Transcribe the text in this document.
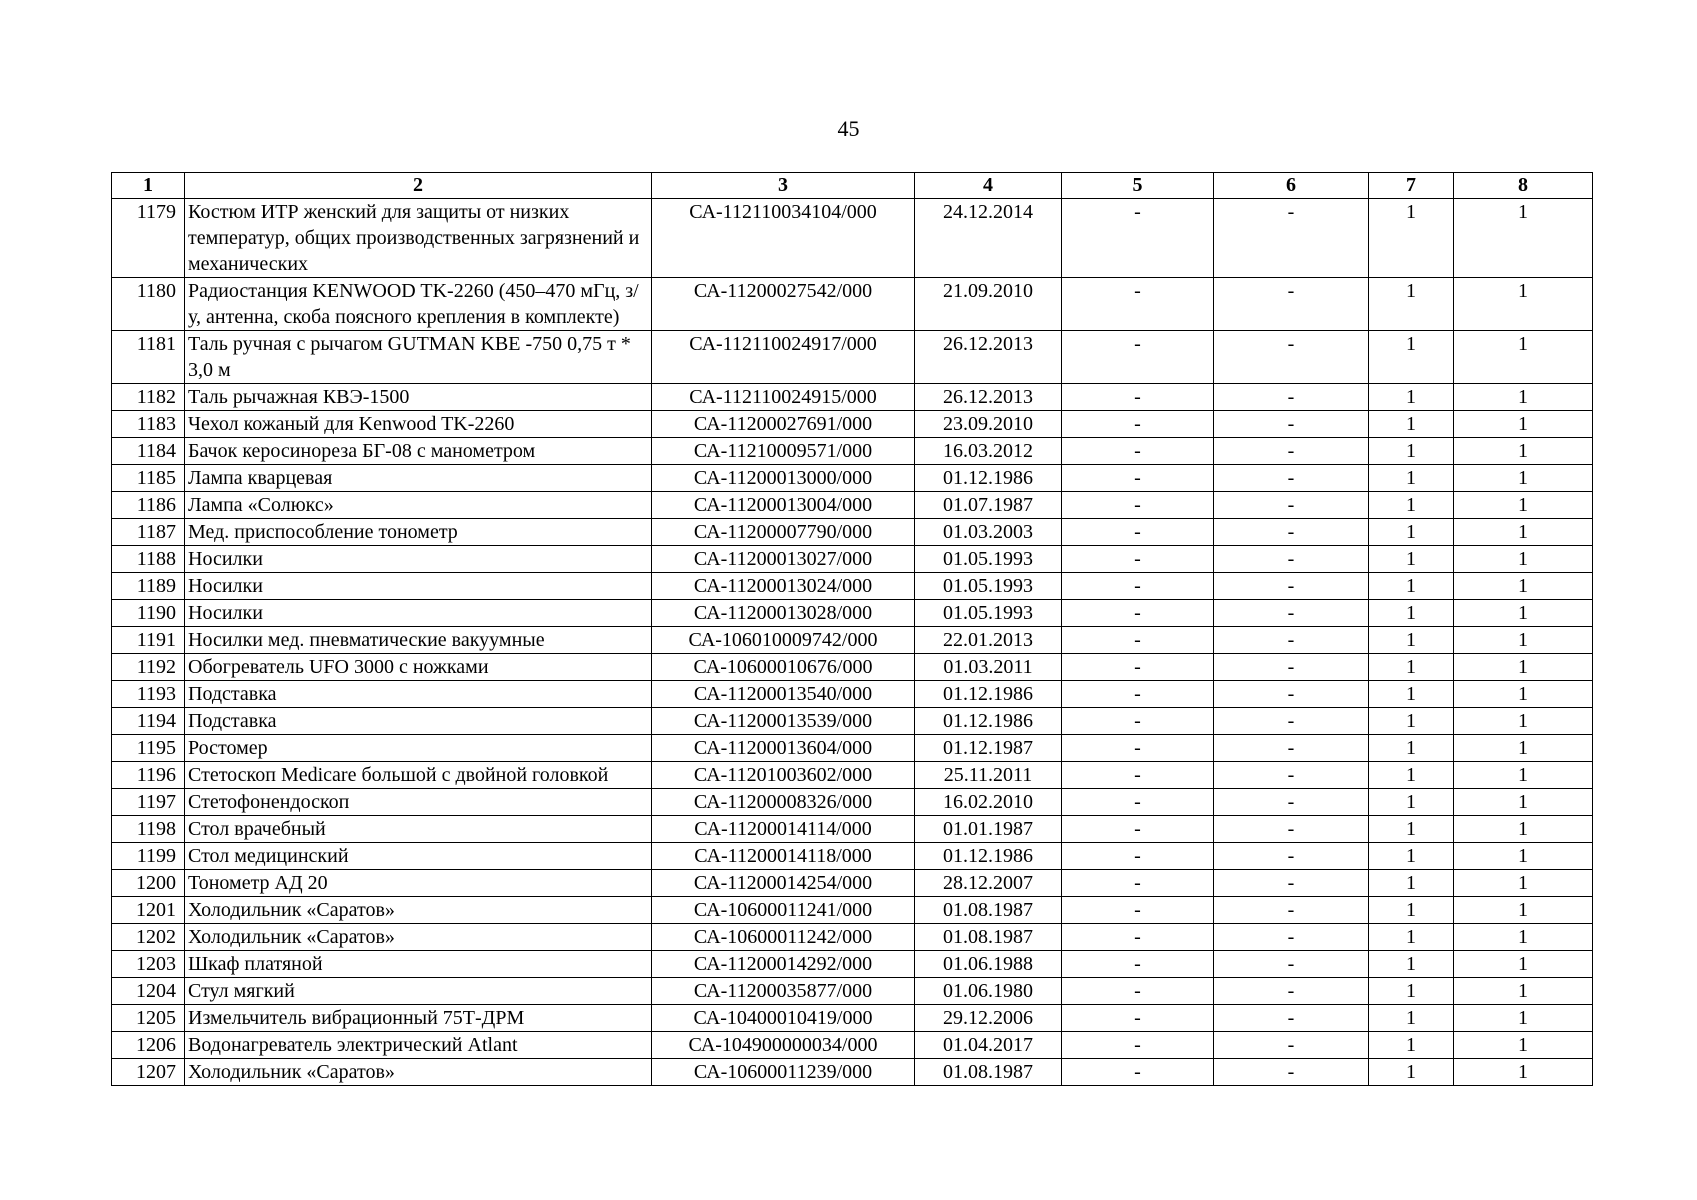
45
1	2	3	4	5	6	7	8
1179	Костюм ИТР женский для защиты от низких температур, общих производственных загрязнений и механических	СА-112110034104/000	24.12.2014	-	-	1	1
1180	Радиостанция KENWOOD TK-2260 (450–470 мГц, з/у, антенна, скоба поясного крепления в комплекте)	СА-11200027542/000	21.09.2010	-	-	1	1
1181	Таль ручная с рычагом GUTMAN KBE -750 0,75 т * 3,0 м	СА-112110024917/000	26.12.2013	-	-	1	1
1182	Таль рычажная КВЭ-1500	СА-112110024915/000	26.12.2013	-	-	1	1
1183	Чехол кожаный для Kenwood TK-2260	СА-11200027691/000	23.09.2010	-	-	1	1
1184	Бачок керосинореза БГ-08 с манометром	СА-11210009571/000	16.03.2012	-	-	1	1
1185	Лампа кварцевая	СА-11200013000/000	01.12.1986	-	-	1	1
1186	Лампа «Солюкс»	СА-11200013004/000	01.07.1987	-	-	1	1
1187	Мед. приспособление тонометр	СА-11200007790/000	01.03.2003	-	-	1	1
1188	Носилки	СА-11200013027/000	01.05.1993	-	-	1	1
1189	Носилки	СА-11200013024/000	01.05.1993	-	-	1	1
1190	Носилки	СА-11200013028/000	01.05.1993	-	-	1	1
1191	Носилки мед. пневматические вакуумные	СА-106010009742/000	22.01.2013	-	-	1	1
1192	Обогреватель UFO 3000 с ножками	СА-10600010676/000	01.03.2011	-	-	1	1
1193	Подставка	СА-11200013540/000	01.12.1986	-	-	1	1
1194	Подставка	СА-11200013539/000	01.12.1986	-	-	1	1
1195	Ростомер	СА-11200013604/000	01.12.1987	-	-	1	1
1196	Стетоскоп Medicare большой с двойной головкой	СА-11201003602/000	25.11.2011	-	-	1	1
1197	Стетофонендоскоп	СА-11200008326/000	16.02.2010	-	-	1	1
1198	Стол врачебный	СА-11200014114/000	01.01.1987	-	-	1	1
1199	Стол медицинский	СА-11200014118/000	01.12.1986	-	-	1	1
1200	Тонометр АД 20	СА-11200014254/000	28.12.2007	-	-	1	1
1201	Холодильник «Саратов»	СА-10600011241/000	01.08.1987	-	-	1	1
1202	Холодильник «Саратов»	СА-10600011242/000	01.08.1987	-	-	1	1
1203	Шкаф платяной	СА-11200014292/000	01.06.1988	-	-	1	1
1204	Стул мягкий	СА-11200035877/000	01.06.1980	-	-	1	1
1205	Измельчитель вибрационный 75Т-ДРМ	СА-10400010419/000	29.12.2006	-	-	1	1
1206	Водонагреватель электрический Atlant	СА-104900000034/000	01.04.2017	-	-	1	1
1207	Холодильник «Саратов»	СА-10600011239/000	01.08.1987	-	-	1	1
